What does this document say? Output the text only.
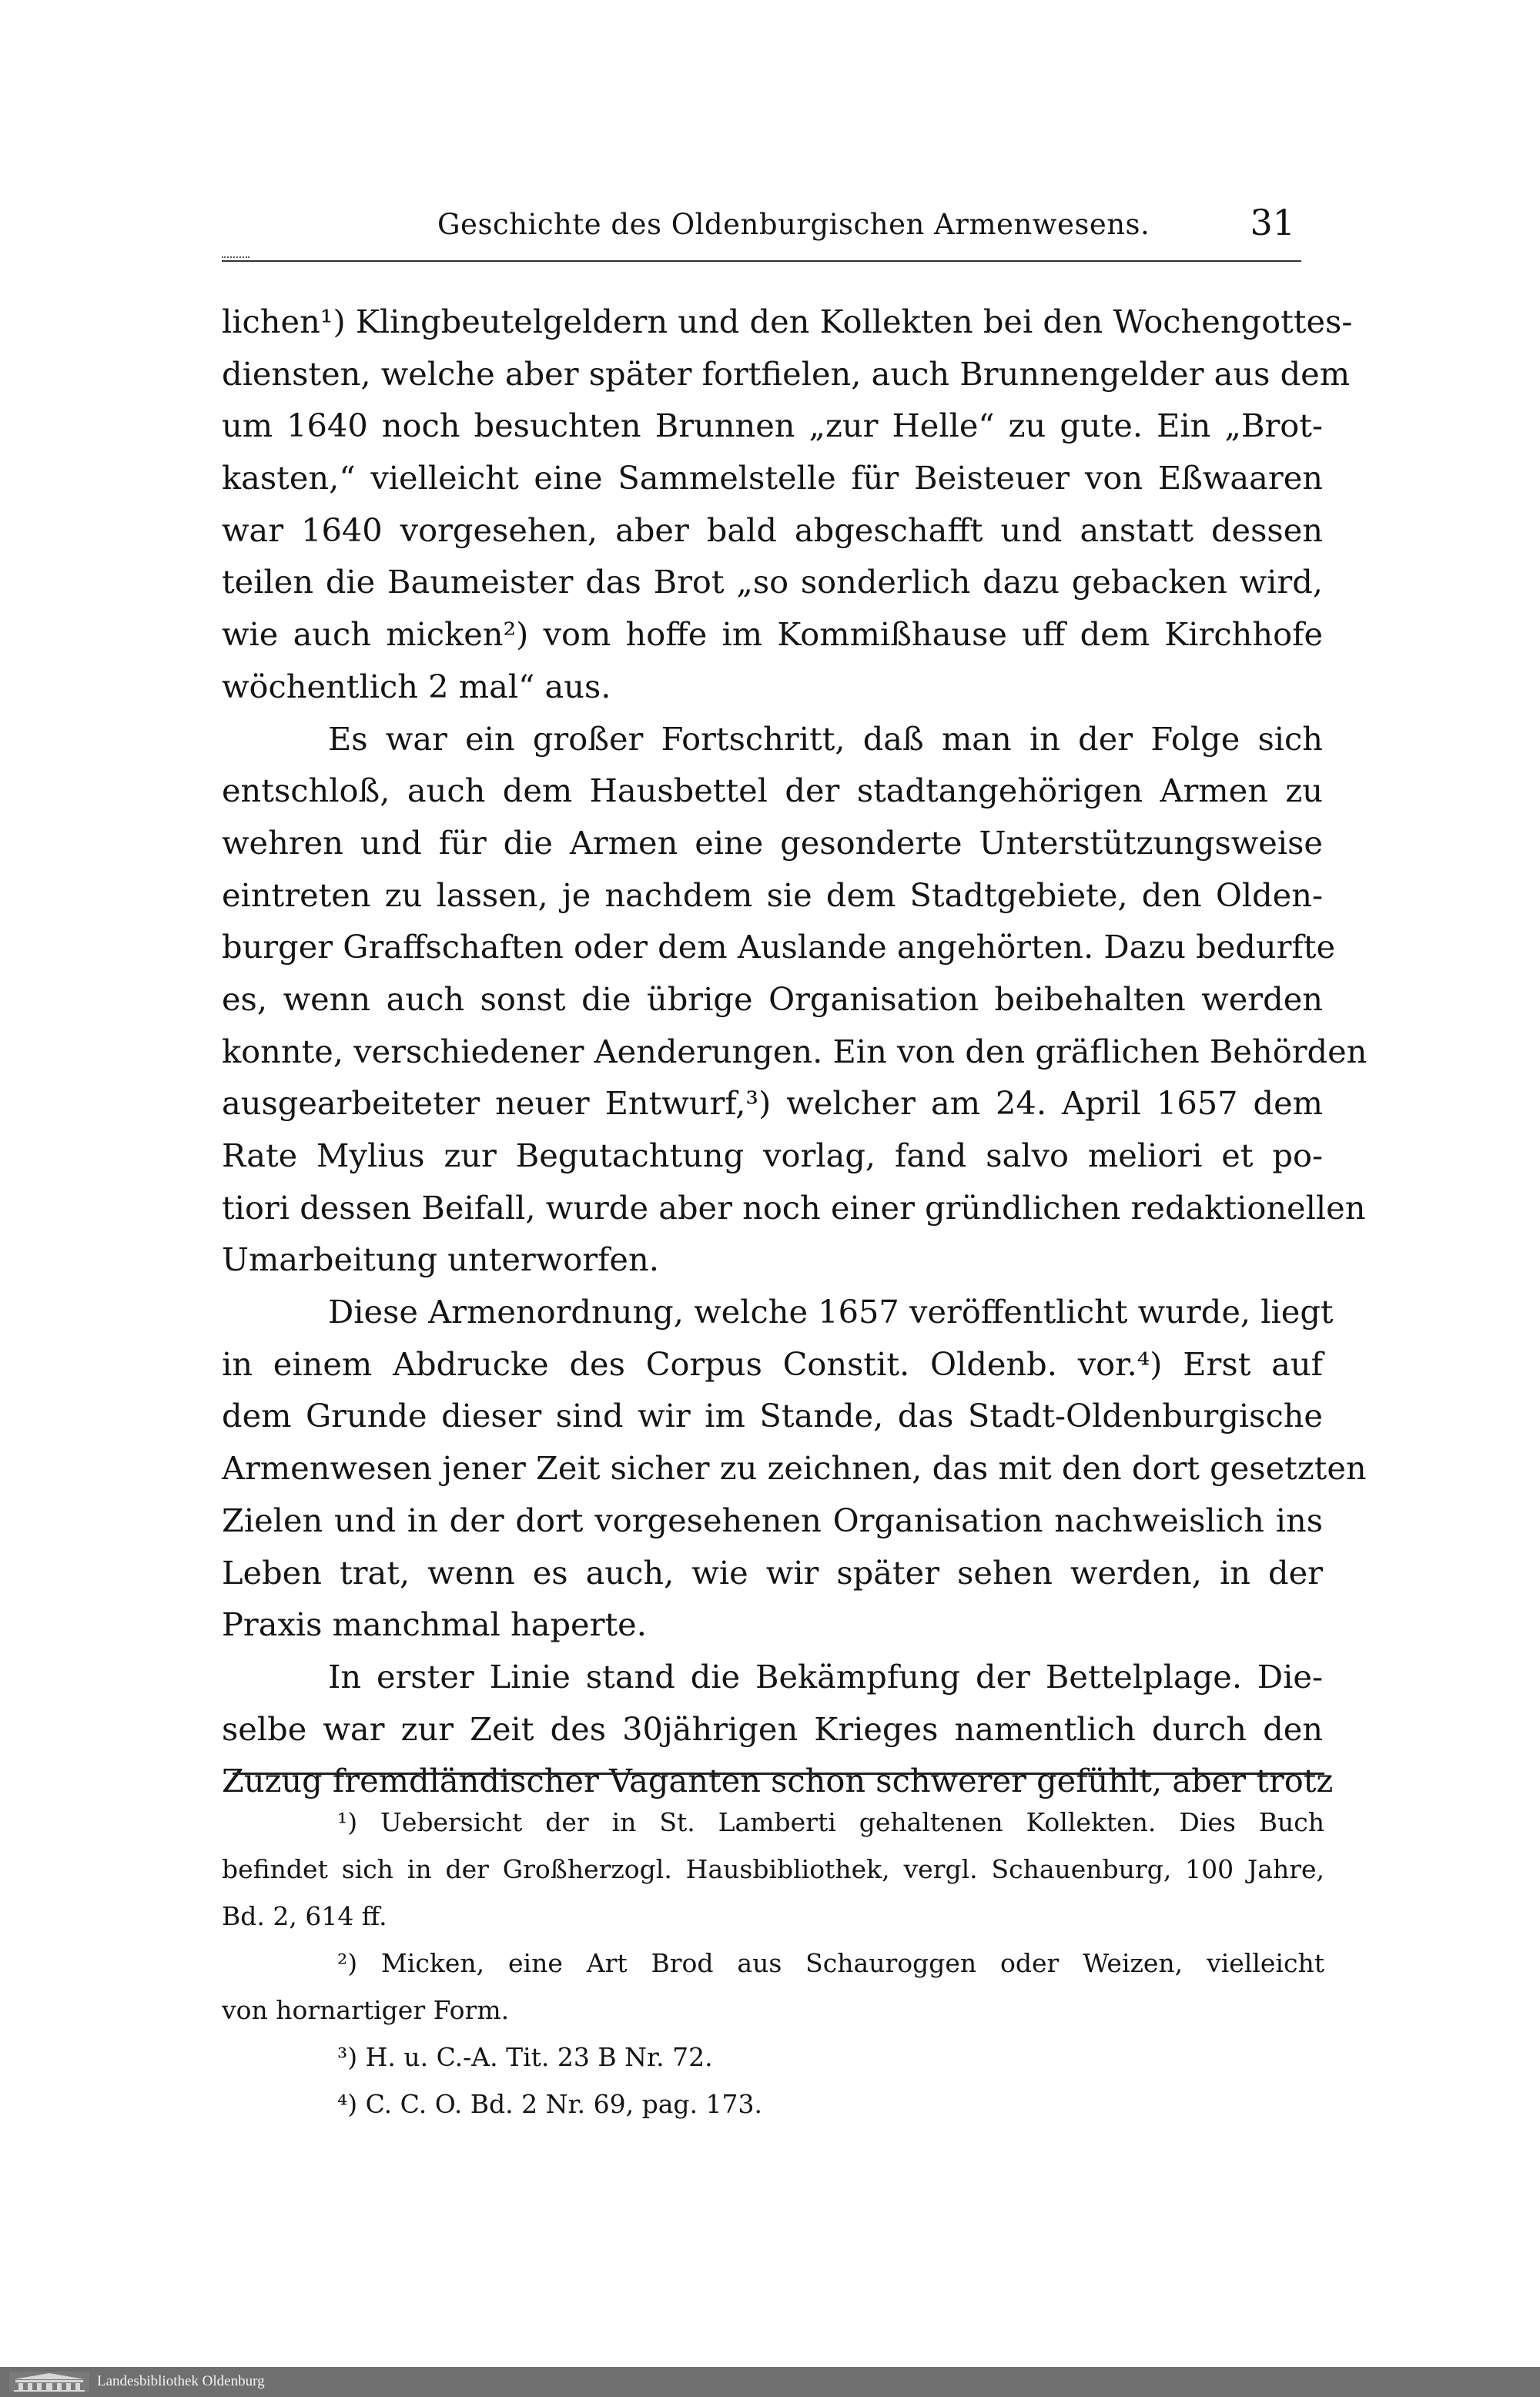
Geschichte des Oldenburgischen Armenwesens.	31
lichen¹) Klingbeutelgeldern und den Kollekten bei den Wochengottes-
diensten, welche aber später fortfielen, auch Brunnengelder aus dem
um 1640 noch besuchten Brunnen „zur Helle“ zu gute. Ein „Brot-
kasten,“ vielleicht eine Sammelstelle für Beisteuer von Eßwaaren
war 1640 vorgesehen, aber bald abgeschafft und anstatt dessen
teilen die Baumeister das Brot „so sonderlich dazu gebacken wird,
wie auch micken²) vom hoffe im Kommißhause uff dem Kirchhofe
wöchentlich 2 mal“ aus.
Es war ein großer Fortschritt, daß man in der Folge sich
entschloß, auch dem Hausbettel der stadtangehörigen Armen zu
wehren und für die Armen eine gesonderte Unterstützungsweise
eintreten zu lassen, je nachdem sie dem Stadtgebiete, den Olden-
burger Graffschaften oder dem Auslande angehörten. Dazu bedurfte
es, wenn auch sonst die übrige Organisation beibehalten werden
konnte, verschiedener Aenderungen. Ein von den gräflichen Behörden
ausgearbeiteter neuer Entwurf,³) welcher am 24. April 1657 dem
Rate Mylius zur Begutachtung vorlag, fand salvo meliori et po-
tiori dessen Beifall, wurde aber noch einer gründlichen redaktionellen
Umarbeitung unterworfen.
Diese Armenordnung, welche 1657 veröffentlicht wurde, liegt
in einem Abdrucke des Corpus Constit. Oldenb. vor.⁴) Erst auf
dem Grunde dieser sind wir im Stande, das Stadt-Oldenburgische
Armenwesen jener Zeit sicher zu zeichnen, das mit den dort gesetzten
Zielen und in der dort vorgesehenen Organisation nachweislich ins
Leben trat, wenn es auch, wie wir später sehen werden, in der
Praxis manchmal haperte.
In erster Linie stand die Bekämpfung der Bettelplage. Die-
selbe war zur Zeit des 30jährigen Krieges namentlich durch den
Zuzug fremdländischer Vaganten schon schwerer gefühlt, aber trotz
¹) Uebersicht der in St. Lamberti gehaltenen Kollekten. Dies Buch
befindet sich in der Großherzogl. Hausbibliothek, vergl. Schauenburg, 100 Jahre,
Bd. 2, 614 ff.
²) Micken, eine Art Brod aus Schauroggen oder Weizen, vielleicht
von hornartiger Form.
³) H. u. C.-A. Tit. 23 B Nr. 72.
⁴) C. C. O. Bd. 2 Nr. 69, pag. 173.
Landesbibliothek Oldenburg
